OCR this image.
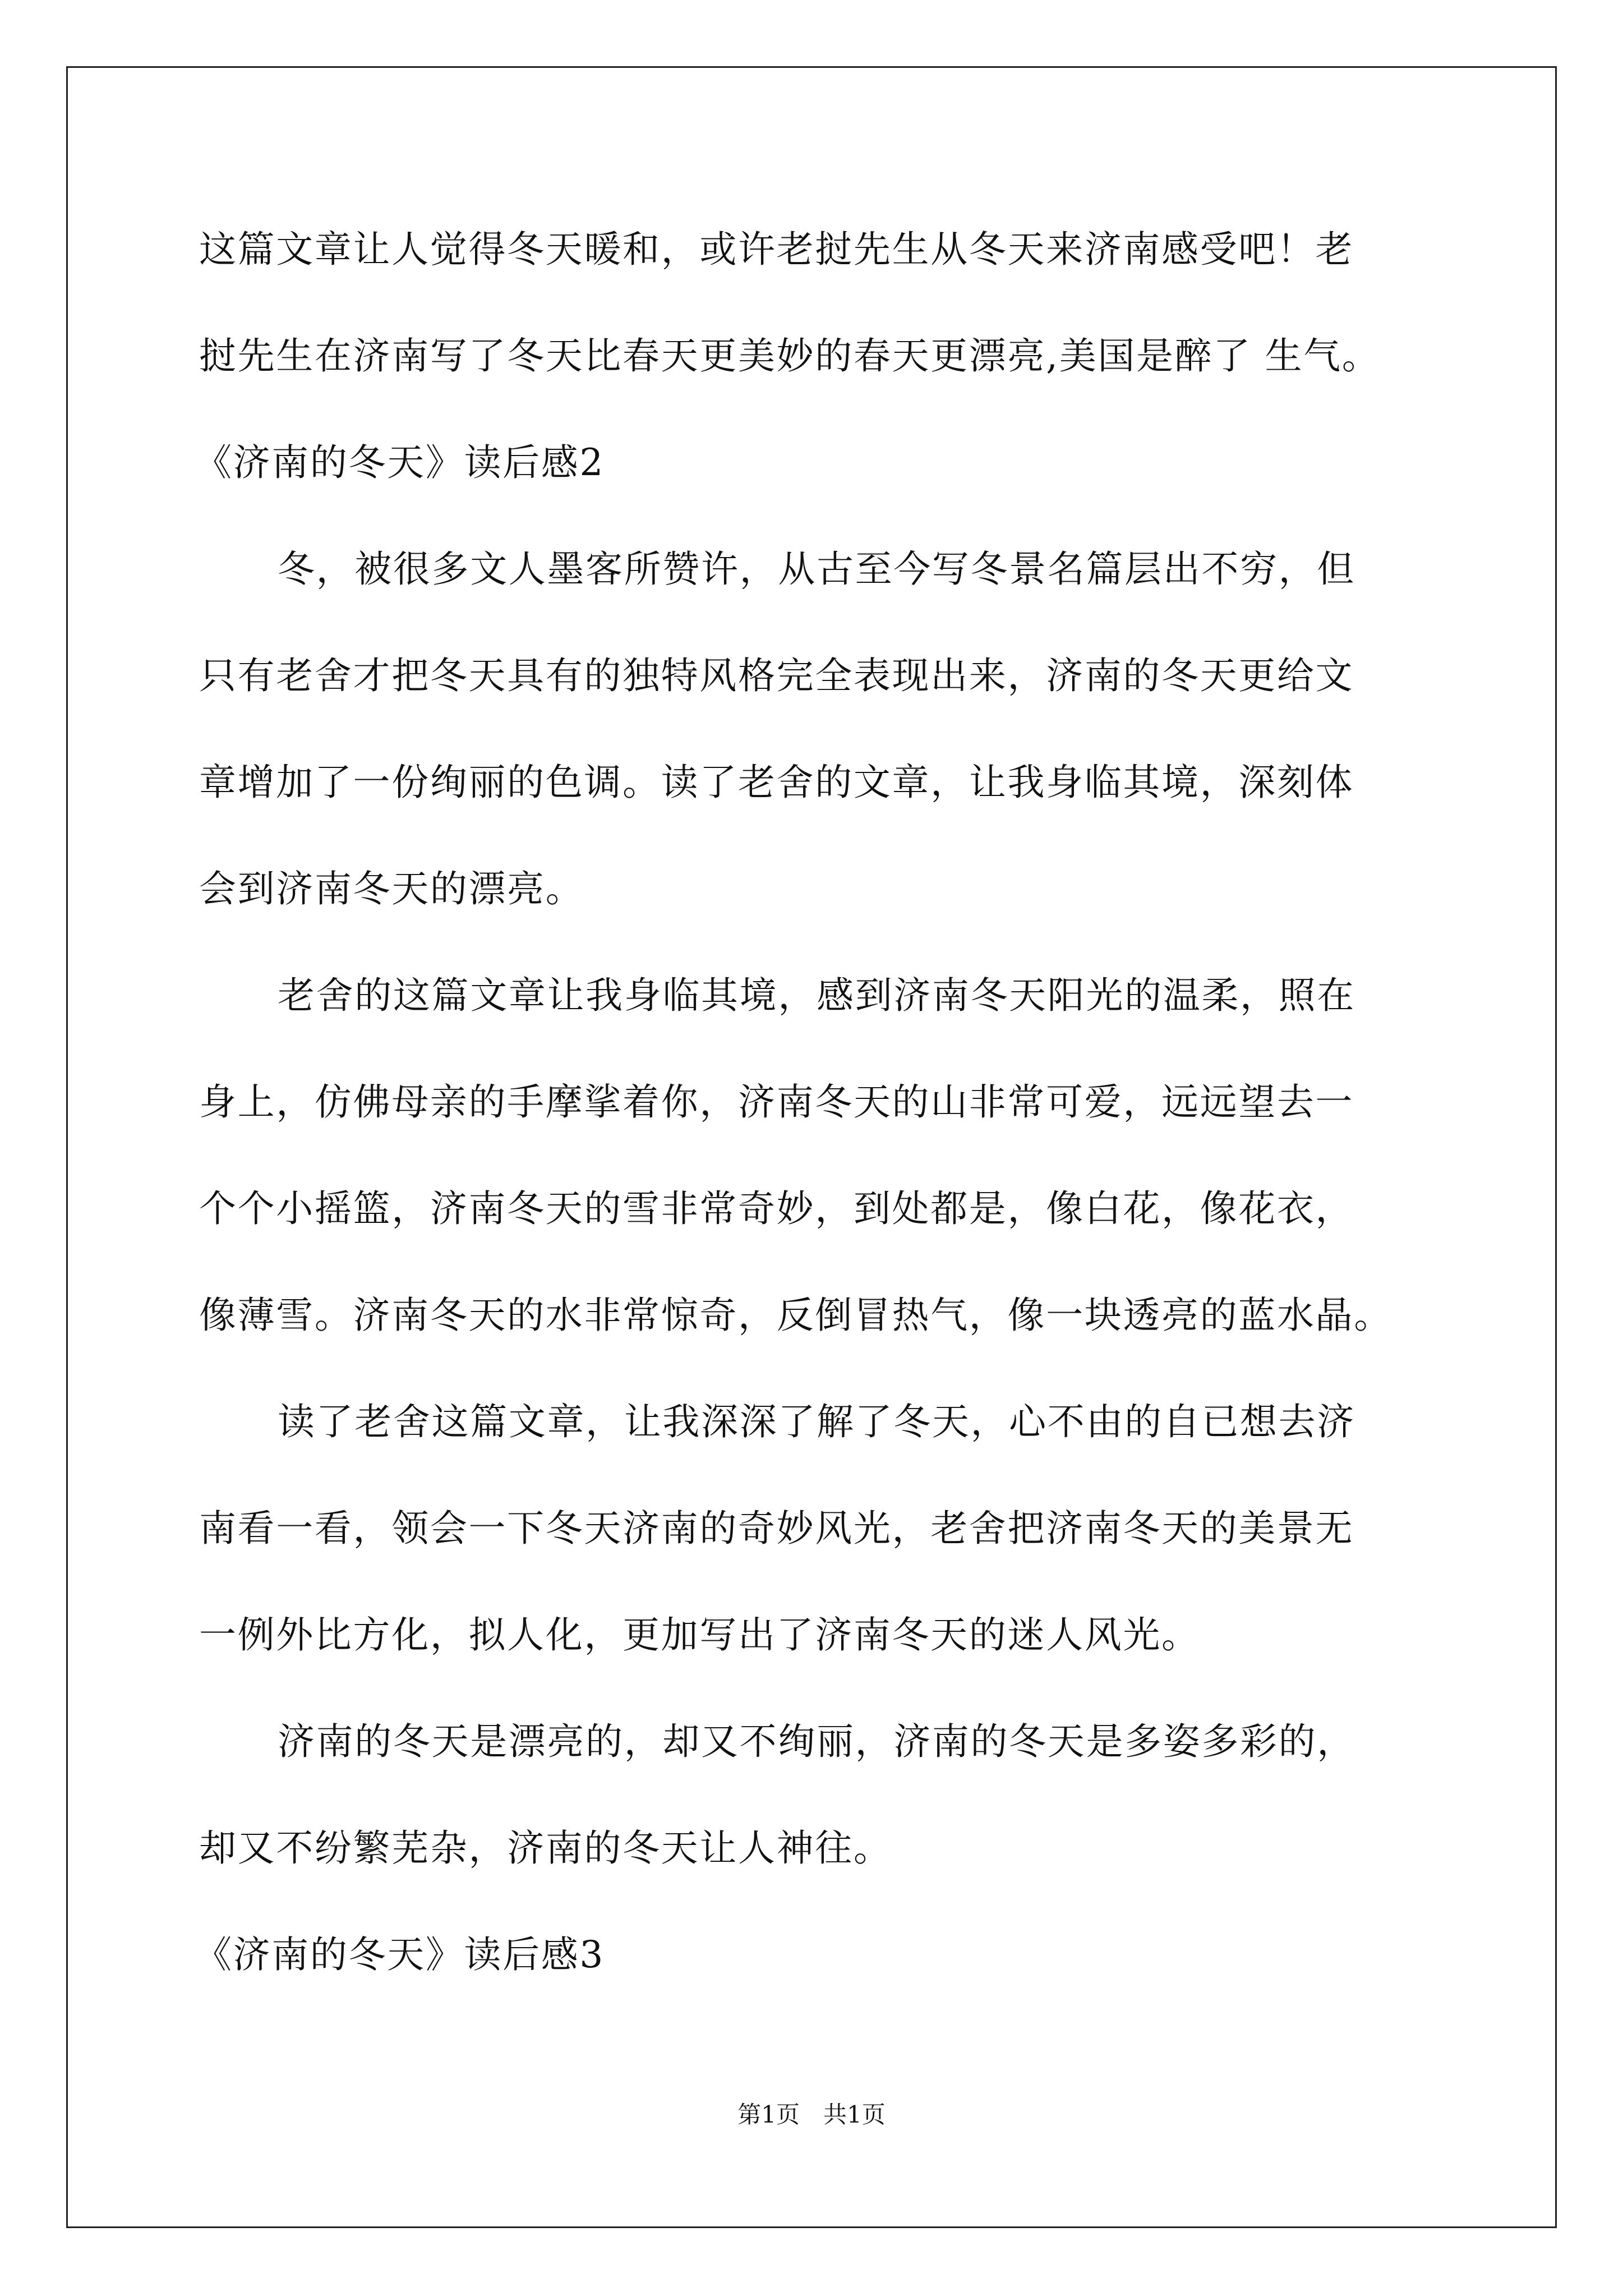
这篇文章让人觉得冬天暖和，或许老挝先生从冬天来济南感受吧！老
挝先生在济南写了冬天比春天更美妙的春天更漂亮,美国是醉了 生气。
《济南的冬天》读后感2
冬，被很多文人墨客所赞许，从古至今写冬景名篇层出不穷，但
只有老舍才把冬天具有的独特风格完全表现出来，济南的冬天更给文
章增加了一份绚丽的色调。读了老舍的文章，让我身临其境，深刻体
会到济南冬天的漂亮。
老舍的这篇文章让我身临其境，感到济南冬天阳光的温柔，照在
身上，仿佛母亲的手摩挲着你，济南冬天的山非常可爱，远远望去一
个个小摇篮，济南冬天的雪非常奇妙，到处都是，像白花，像花衣，
像薄雪。济南冬天的水非常惊奇，反倒冒热气，像一块透亮的蓝水晶。
读了老舍这篇文章，让我深深了解了冬天，心不由的自已想去济
南看一看，领会一下冬天济南的奇妙风光，老舍把济南冬天的美景无
一例外比方化，拟人化，更加写出了济南冬天的迷人风光。
济南的冬天是漂亮的，却又不绚丽，济南的冬天是多姿多彩的，
却又不纷繁芜杂，济南的冬天让人神往。
《济南的冬天》读后感3
第1页　共1页
